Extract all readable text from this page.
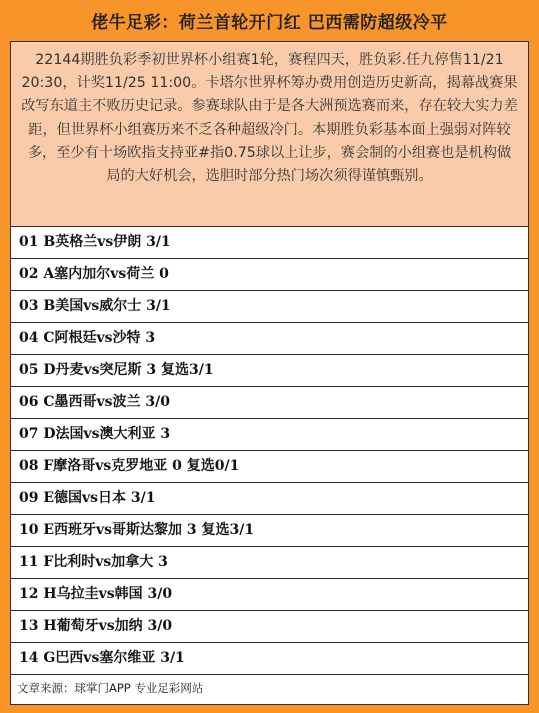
佬牛足彩：荷兰首轮开门红 巴西需防超级冷平
22144期胜负彩季初世界杯小组赛1轮，赛程四天，胜负彩.任九停售11/21 20:30，计奖11/25 11:00。卡塔尔世界杯筹办费用创造历史新高，揭幕战赛果改写东道主不败历史记录。参赛球队由于是各大洲预选赛而来，存在较大实力差距，但世界杯小组赛历来不乏各种超级冷门。本期胜负彩基本面上强弱对阵较多，至少有十场欧指支持亚#指0.75球以上让步，赛会制的小组赛也是机构做局的大好机会，选胆时部分热门场次须得谨慎甄别。
01 B英格兰vs伊朗 3/1
02 A塞内加尔vs荷兰 0
03 B美国vs威尔士 3/1
04 C阿根廷vs沙特 3
05 D丹麦vs突尼斯 3 复选3/1
06 C墨西哥vs波兰 3/0
07 D法国vs澳大利亚 3
08 F摩洛哥vs克罗地亚 0 复选0/1
09 E德国vs日本 3/1
10 E西班牙vs哥斯达黎加 3 复选3/1
11 F比利时vs加拿大 3
12 H乌拉圭vs韩国 3/0
13 H葡萄牙vs加纳 3/0
14 G巴西vs塞尔维亚 3/1
文章来源：球掌门APP 专业足彩网站
